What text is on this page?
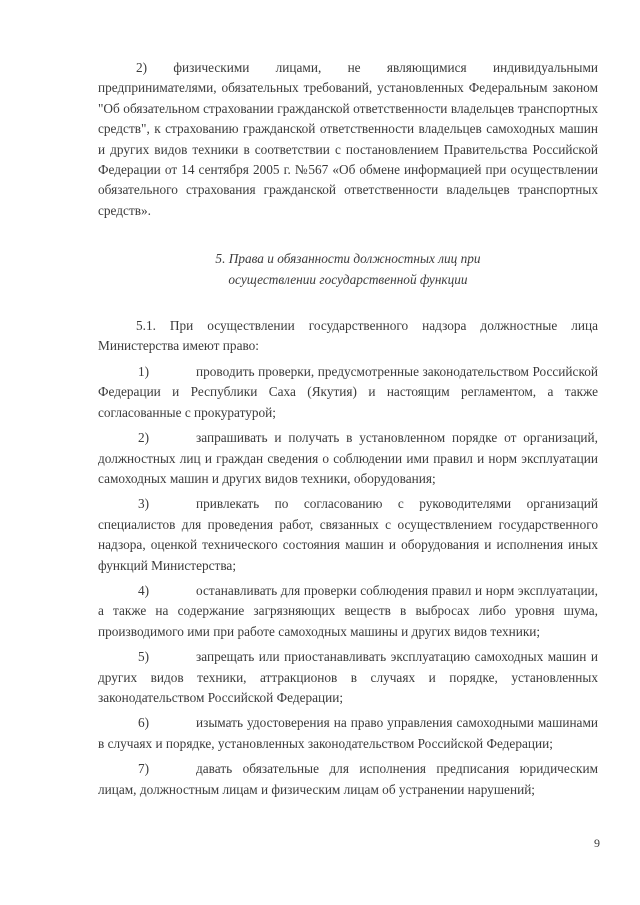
2) физическими лицами, не являющимися индивидуальными предпринимателями, обязательных требований, установленных Федеральным законом "Об обязательном страховании гражданской ответственности владельцев транспортных средств", к страхованию гражданской ответственности владельцев самоходных машин и других видов техники в соответствии с постановлением Правительства Российской Федерации от 14 сентября 2005 г. №567 «Об обмене информацией при осуществлении обязательного страхования гражданской ответственности владельцев транспортных средств».

5. Права и обязанности должностных лиц при
осуществлении государственной функции

5.1. При осуществлении государственного надзора должностные лица Министерства имеют право:

1)	проводить проверки, предусмотренные законодательством Российской Федерации и Республики Саха (Якутия) и настоящим регламентом, а также согласованные с прокуратурой;
2)	запрашивать и получать в установленном порядке от организаций, должностных лиц и граждан сведения о соблюдении ими правил и норм эксплуатации самоходных машин и других видов техники, оборудования;
3)	привлекать по согласованию с руководителями организаций специалистов для проведения работ, связанных с осуществлением государственного надзора, оценкой технического состояния машин и оборудования и исполнения иных функций Министерства;
4)	останавливать для проверки соблюдения правил и норм эксплуатации, а также на содержание загрязняющих веществ в выбросах либо уровня шума, производимого ими при работе самоходных машины и других видов техники;
5)	запрещать или приостанавливать эксплуатацию самоходных машин и других видов техники, аттракционов в случаях и порядке, установленных законодательством Российской Федерации;
6)	изымать удостоверения на право управления самоходными машинами в случаях и порядке, установленных законодательством Российской Федерации;
7)	давать обязательные для исполнения предписания юридическим лицам, должностным лицам и физическим лицам об устранении нарушений;
9
